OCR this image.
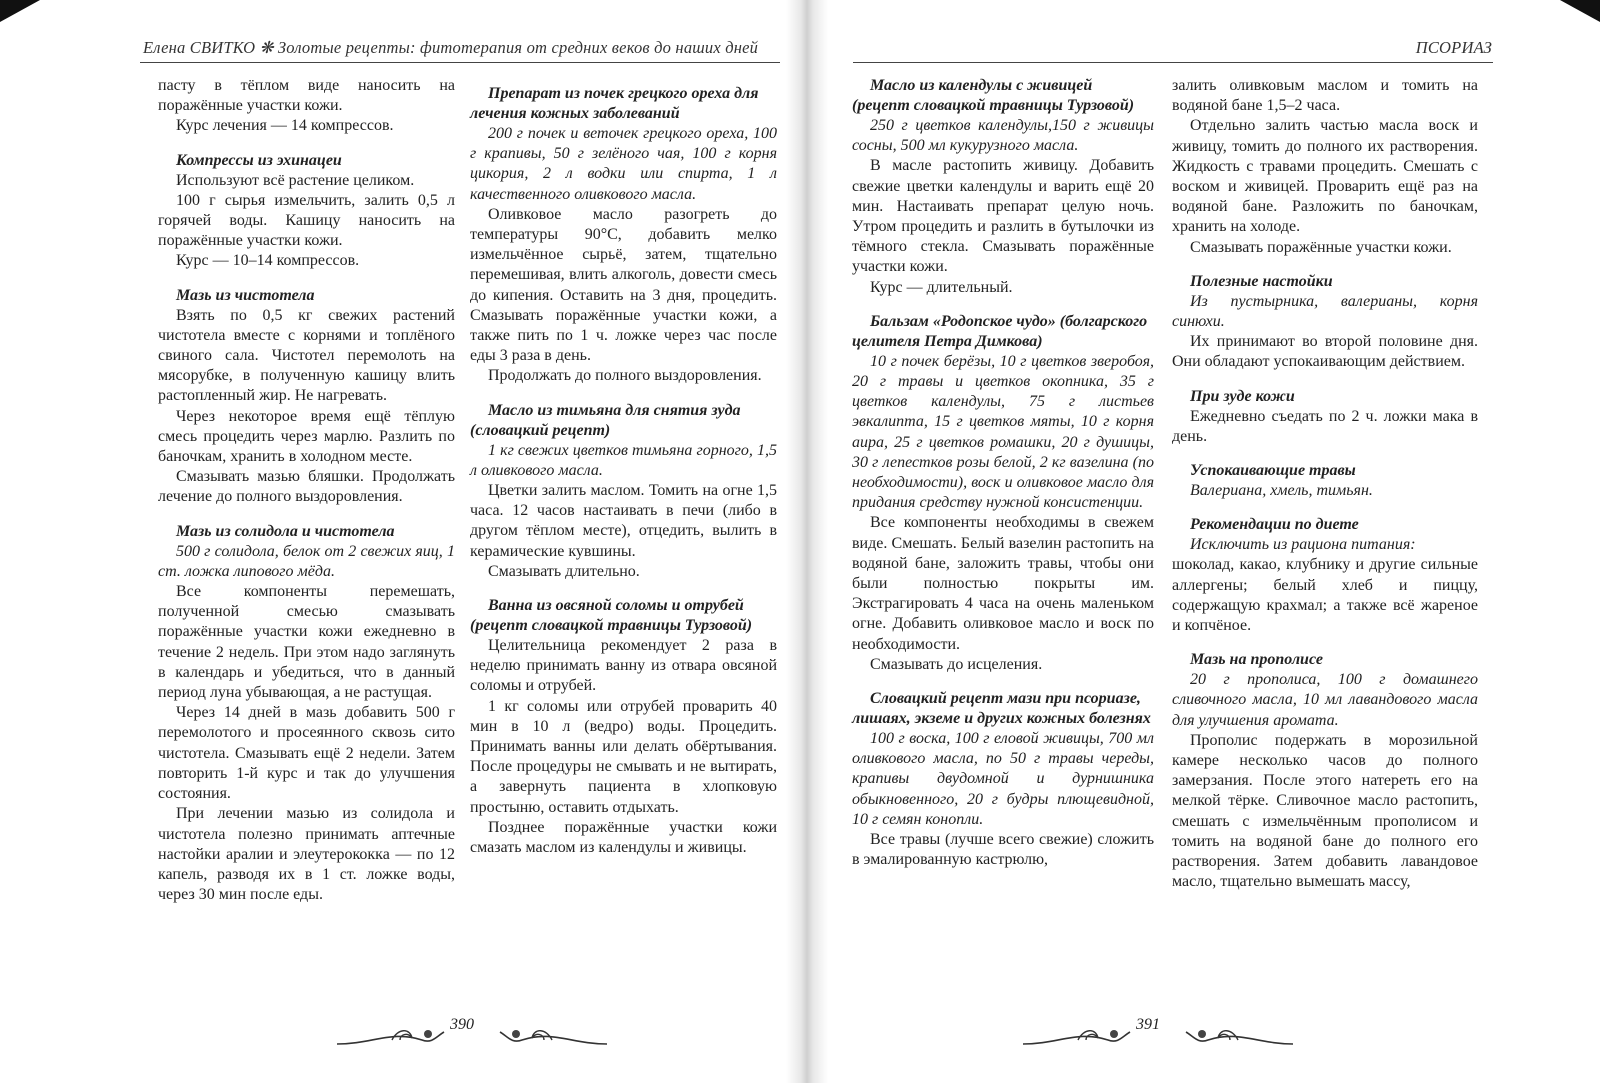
Елена СВИТКО ❋ Золотые рецепты: фитотерапия от средних веков до наших дней

пасту в тёплом виде наносить на поражённые участки кожи.

Курс лечения — 14 компрессов.

Компрессы из эхинацеи

Используют всё растение целиком.

100 г сырья измельчить, залить 0,5 л горячей воды. Кашицу наносить на поражённые участки кожи.

Курс — 10–14 компрессов.

Мазь из чистотела

Взять по 0,5 кг свежих растений чистотела вместе с корнями и топлёного свиного сала. Чистотел перемолоть на мясорубке, в полученную кашицу влить растопленный жир. Не нагревать.

Через некоторое время ещё тёплую смесь процедить через марлю. Разлить по баночкам, хранить в холодном месте.

Смазывать мазью бляшки. Продолжать лечение до полного выздоровления.

Мазь из солидола и чистотела

500 г солидола, белок от 2 свежих яиц, 1 ст. ложка липового мёда.

Все компоненты перемешать, полученной смесью смазывать поражённые участки кожи ежедневно в течение 2 недель. При этом надо заглянуть в календарь и убедиться, что в данный период луна убывающая, а не растущая.

Через 14 дней в мазь добавить 500 г перемолотого и просеянного сквозь сито чистотела. Смазывать ещё 2 недели. Затем повторить 1-й курс и так до улучшения состояния.

При лечении мазью из солидола и чистотела полезно принимать аптечные настойки аралии и элеутерококка — по 12 капель, разводя их в 1 ст. ложке воды, через 30 мин после еды.

Препарат из почек грецкого ореха для лечения кожных заболеваний

200 г почек и веточек грецкого ореха, 100 г крапивы, 50 г зелёного чая, 100 г корня цикория, 2 л водки или спирта, 1 л качественного оливкового масла.

Оливковое масло разогреть до температуры 90°С, добавить мелко измельчённое сырьё, затем, тщательно перемешивая, влить алкоголь, довести смесь до кипения. Оставить на 3 дня, процедить. Смазывать поражённые участки кожи, а также пить по 1 ч. ложке через час после еды 3 раза в день.

Продолжать до полного выздоровления.

Масло из тимьяна для снятия зуда (словацкий рецепт)

1 кг свежих цветков тимьяна горного, 1,5 л оливкового масла.

Цветки залить маслом. Томить на огне 1,5 часа. 12 часов настаивать в печи (либо в другом тёплом месте), отцедить, вылить в керамические кувшины.

Смазывать длительно.

Ванна из овсяной соломы и отрубей (рецепт словацкой травницы Турзовой)

Целительница рекомендует 2 раза в неделю принимать ванну из отвара овсяной соломы и отрубей.

1 кг соломы или отрубей проварить 40 мин в 10 л (ведро) воды. Процедить. Принимать ванны или делать обёртывания. После процедуры не смывать и не вытирать, а завернуть пациента в хлопковую простыню, оставить отдыхать.

Позднее поражённые участки кожи смазать маслом из календулы и живицы.

390
ПСОРИАЗ
Масло из календулы с живицей (рецепт словацкой травницы Турзовой)

250 г цветков календулы,150 г живицы сосны, 500 мл кукурузного масла.

В масле растопить живицу. Добавить свежие цветки календулы и варить ещё 20 мин. Настаивать препарат целую ночь. Утром процедить и разлить в бутылочки из тёмного стекла. Смазывать поражённые участки кожи.

Курс — длительный.

Бальзам «Родопское чудо» (болгарского целителя Петра Димкова)

10 г почек берёзы, 10 г цветков зверобоя, 20 г травы и цветков окопника, 35 г цветков календулы, 75 г листьев эвкалипта, 15 г цветков мяты, 10 г корня аира, 25 г цветков ромашки, 20 г душицы, 30 г лепестков розы белой, 2 кг вазелина (по необходимости), воск и оливковое масло для придания средству нужной консистенции.

Все компоненты необходимы в свежем виде. Смешать. Белый вазелин растопить на водяной бане, заложить травы, чтобы они были полностью покрыты им. Экстрагировать 4 часа на очень маленьком огне. Добавить оливковое масло и воск по необходимости.

Смазывать до исцеления.

Словацкий рецепт мази при псориазе, лишаях, экземе и других кожных болезнях

100 г воска, 100 г еловой живицы, 700 мл оливкового масла, по 50 г травы череды, крапивы двудомной и дурнишника обыкновенного, 20 г будры плющевидной, 10 г семян конопли.

Все травы (лучше всего свежие) сложить в эмалированную кастрюлю,

залить оливковым маслом и томить на водяной бане 1,5–2 часа.

Отдельно залить частью масла воск и живицу, томить до полного их растворения. Жидкость с травами процедить. Смешать с воском и живицей. Проварить ещё раз на водяной бане. Разложить по баночкам, хранить на холоде.

Смазывать поражённые участки кожи.

Полезные настойки

Из пустырника, валерианы, корня синюхи.

Их принимают во второй половине дня. Они обладают успокаивающим действием.

При зуде кожи

Ежедневно съедать по 2 ч. ложки мака в день.

Успокаивающие травы

Валериана, хмель, тимьян.

Рекомендации по диете

Исключить из рациона питания:

шоколад, какао, клубнику и другие сильные аллергены; белый хлеб и пиццу, содержащую крахмал; а также всё жареное и копчёное.

Мазь на прополисе

20 г прополиса, 100 г домашнего сливочного масла, 10 мл лавандового масла для улучшения аромата.

Прополис подержать в морозильной камере несколько часов до полного замерзания. После этого натереть его на мелкой тёрке. Сливочное масло растопить, смешать с измельчённым прополисом и томить на водяной бане до полного его растворения. Затем добавить лавандовое масло, тщательно вымешать массу,

391
